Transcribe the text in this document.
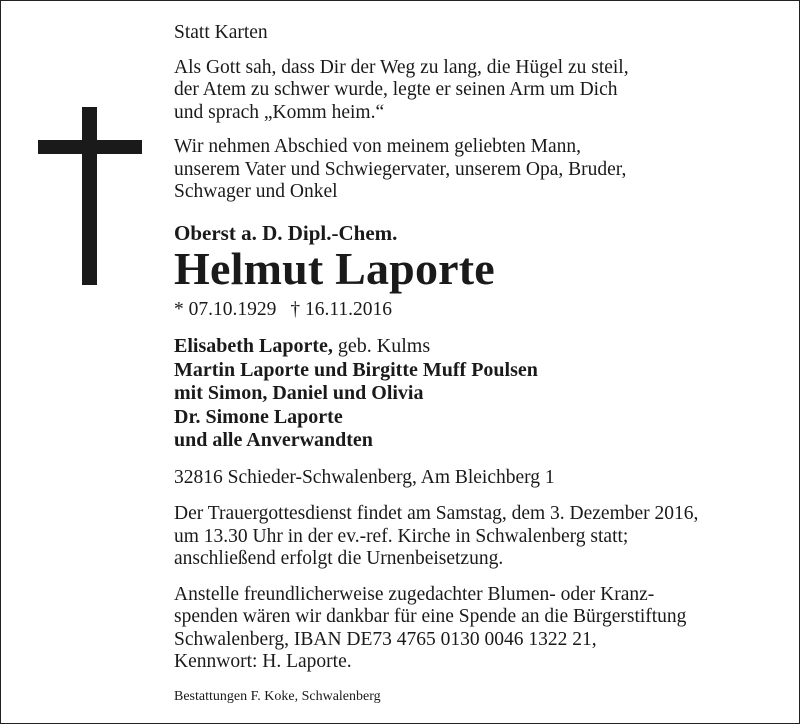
Statt Karten

Als Gott sah, dass Dir der Weg zu lang, die Hügel zu steil,
der Atem zu schwer wurde, legte er seinen Arm um Dich
und sprach „Komm heim.“

Wir nehmen Abschied von meinem geliebten Mann,
unserem Vater und Schwiegervater, unserem Opa, Bruder,
Schwager und Onkel

Oberst a. D. Dipl.-Chem.

Helmut Laporte

* 07.10.1929 † 16.11.2016

Elisabeth Laporte, geb. Kulms
Martin Laporte und Birgitte Muff Poulsen
mit Simon, Daniel und Olivia
Dr. Simone Laporte
und alle Anverwandten

32816 Schieder-Schwalenberg, Am Bleichberg 1

Der Trauergottesdienst findet am Samstag, dem 3. Dezember 2016,
um 13.30 Uhr in der ev.-ref. Kirche in Schwalenberg statt;
anschließend erfolgt die Urnenbeisetzung.

Anstelle freundlicherweise zugedachter Blumen- oder Kranz-
spenden wären wir dankbar für eine Spende an die Bürgerstiftung
Schwalenberg, IBAN DE73 4765 0130 0046 1322 21,
Kennwort: H. Laporte.

Bestattungen F. Koke, Schwalenberg
